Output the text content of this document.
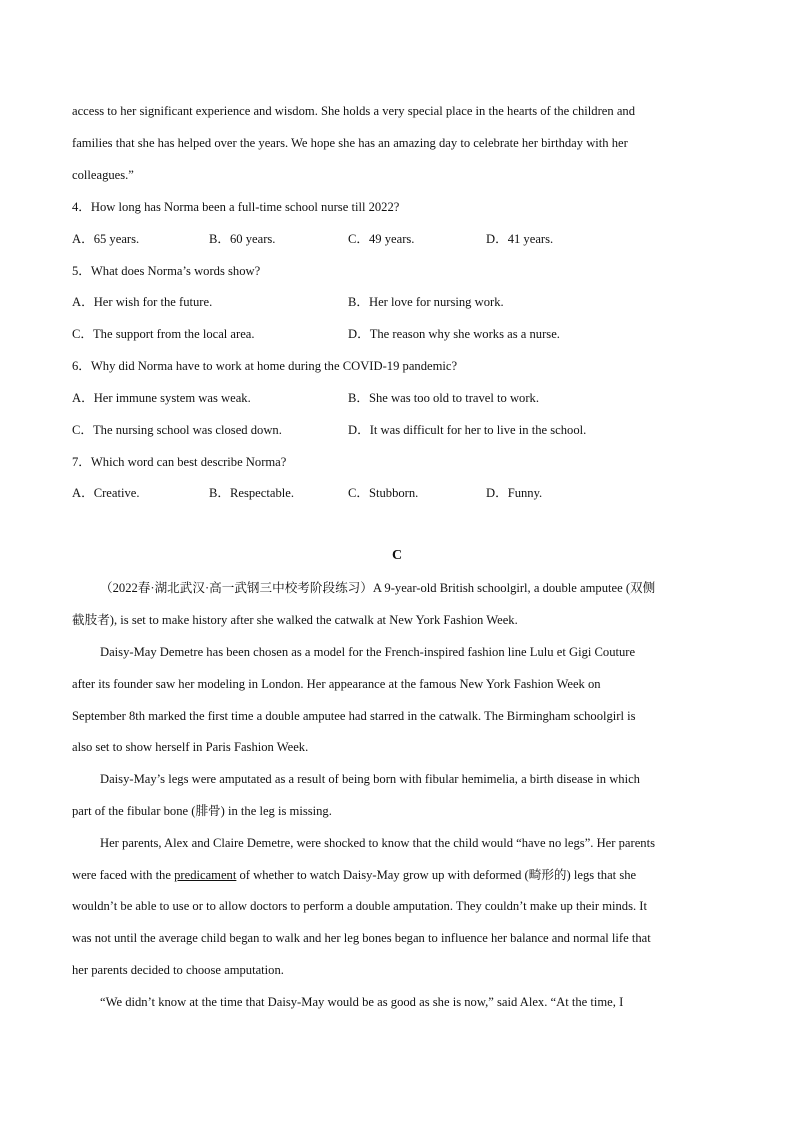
access to her significant experience and wisdom. She holds a very special place in the hearts of the children and
families that she has helped over the years. We hope she has an amazing day to celebrate her birthday with her
colleagues.”
4．How long has Norma been a full-time school nurse till 2022?
A．65 years.	B．60 years.	C．49 years.	D．41 years.
5．What does Norma’s words show?
A．Her wish for the future.	B．Her love for nursing work.
C．The support from the local area.	D．The reason why she works as a nurse.
6．Why did Norma have to work at home during the COVID-19 pandemic?
A．Her immune system was weak.	B．She was too old to travel to work.
C．The nursing school was closed down.	D．It was difficult for her to live in the school.
7．Which word can best describe Norma?
A．Creative.	B．Respectable.	C．Stubborn.	D．Funny.
C
（2022春·湖北武汉·高一武钢三中校考阶段练习）A 9-year-old British schoolgirl, a double amputee (双侧
截肢者), is set to make history after she walked the catwalk at New York Fashion Week.
Daisy-May Demetre has been chosen as a model for the French-inspired fashion line Lulu et Gigi Couture
after its founder saw her modeling in London. Her appearance at the famous New York Fashion Week on
September 8th marked the first time a double amputee had starred in the catwalk. The Birmingham schoolgirl is
also set to show herself in Paris Fashion Week.
Daisy-May’s legs were amputated as a result of being born with fibular hemimelia, a birth disease in which
part of the fibular bone (腓骨) in the leg is missing.
Her parents, Alex and Claire Demetre, were shocked to know that the child would “have no legs”. Her parents
were faced with the predicament of whether to watch Daisy-May grow up with deformed (畸形的) legs that she
wouldn’t be able to use or to allow doctors to perform a double amputation. They couldn’t make up their minds. It
was not until the average child began to walk and her leg bones began to influence her balance and normal life that
her parents decided to choose amputation.
“We didn’t know at the time that Daisy-May would be as good as she is now,” said Alex. “At the time, I
